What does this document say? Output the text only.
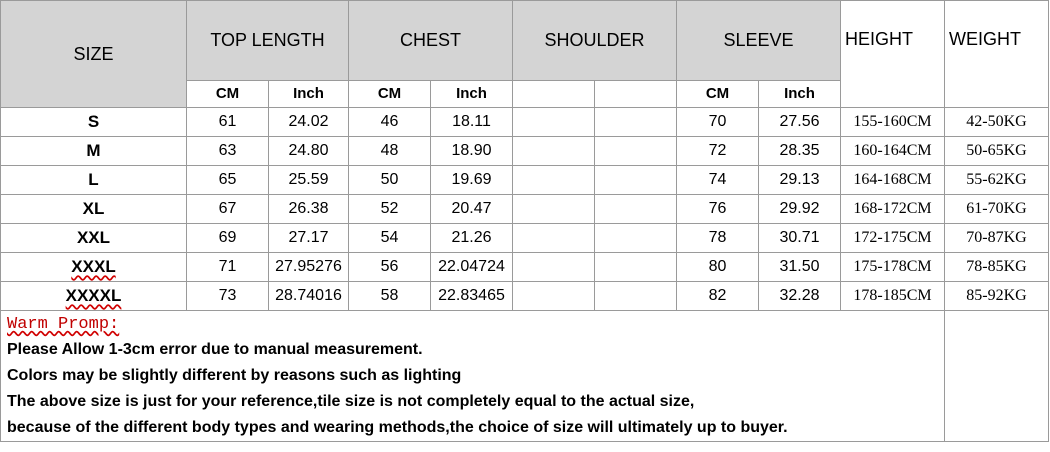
SIZE	TOP LENGTH		CHEST		SHOULDER		SLEEVE		HEIGHT	WEIGHT
	CM	Inch	CM	Inch			CM	Inch		
S	61	24.02	46	18.11			70	27.56	155-160CM	42-50KG
M	63	24.80	48	18.90			72	28.35	160-164CM	50-65KG
L	65	25.59	50	19.69			74	29.13	164-168CM	55-62KG
XL	67	26.38	52	20.47			76	29.92	168-172CM	61-70KG
XXL	69	27.17	54	21.26			78	30.71	172-175CM	70-87KG
XXXL	71	27.95276	56	22.04724			80	31.50	175-178CM	78-85KG
XXXXL	73	28.74016	58	22.83465			82	32.28	178-185CM	85-92KG
Warm Promp:										
Please Allow 1-3cm error due to manual measurement.										
Colors may be slightly different by reasons such as lighting										
The above size is just for your reference,tile size is not completely equal to the actual size,										
because of the different body types and wearing methods,the choice of size will ultimately up to buyer.										
